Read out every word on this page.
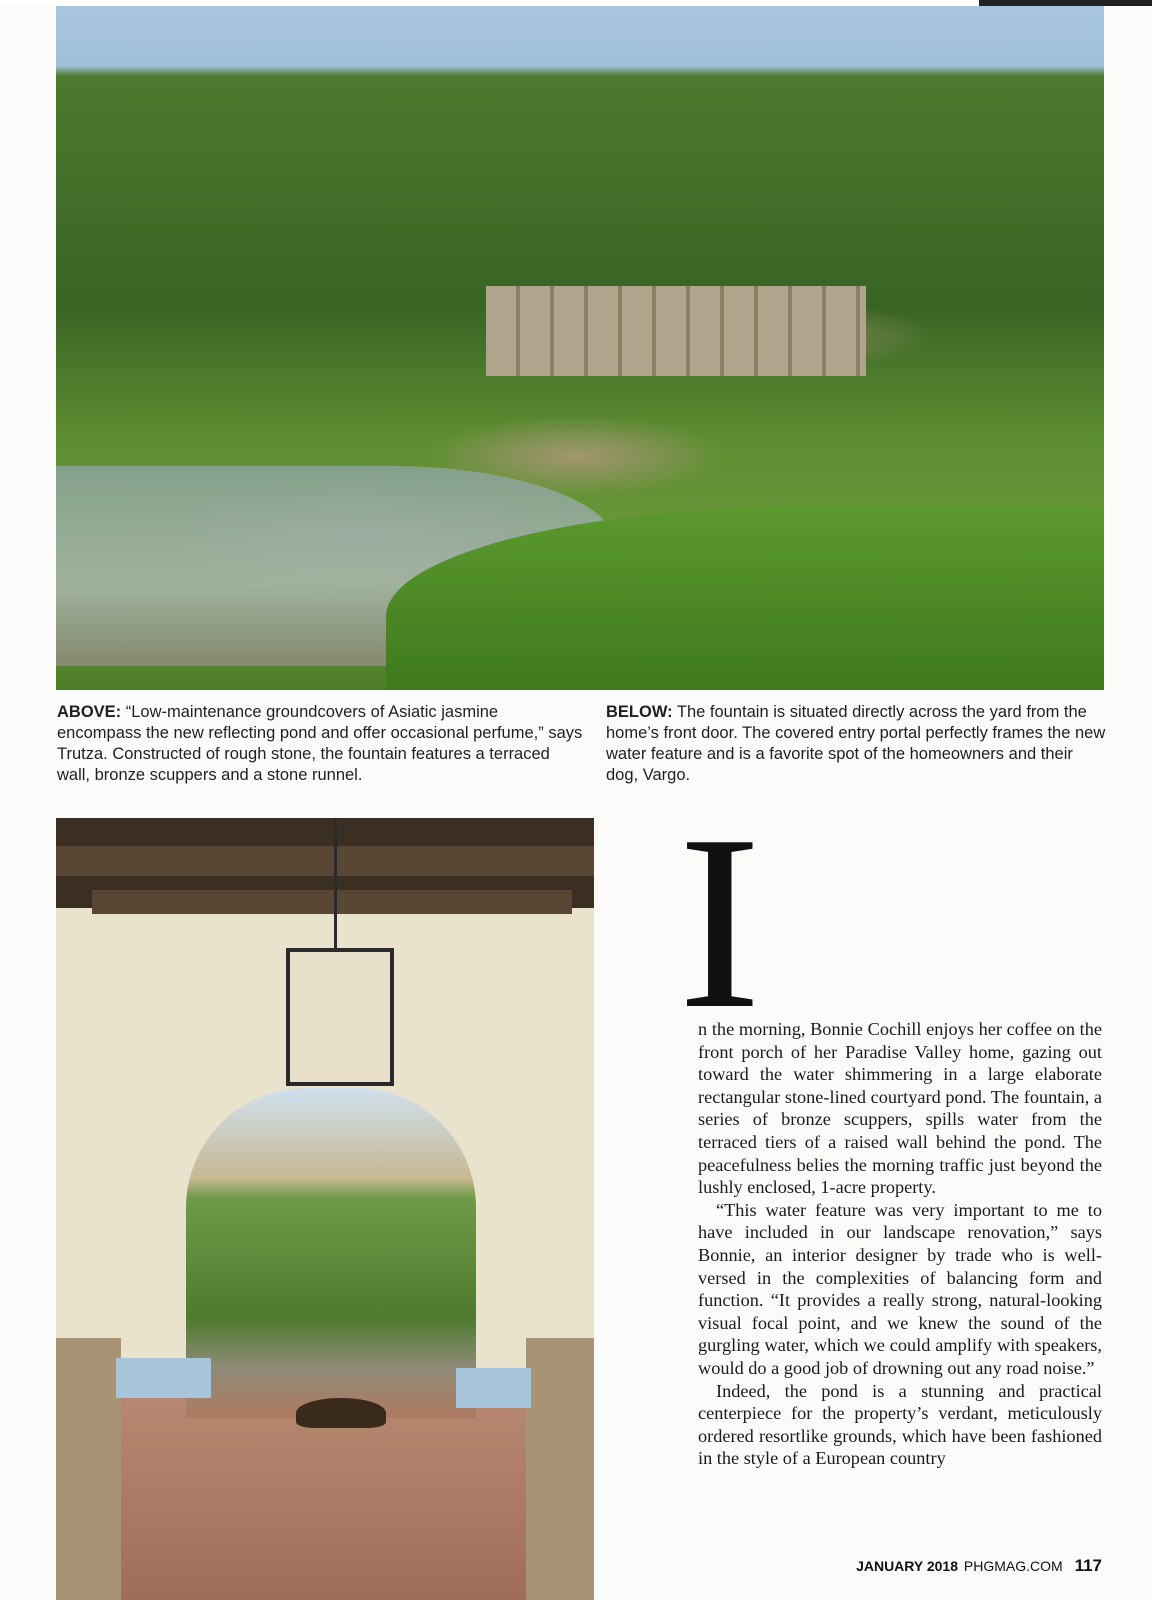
ABOVE: “Low-maintenance groundcovers of Asiatic jasmine encompass the new reflecting pond and offer occasional perfume,” says Trutza. Constructed of rough stone, the fountain features a terraced wall, bronze scuppers and a stone runnel.
BELOW: The fountain is situated directly across the yard from the home’s front door. The covered entry portal perfectly frames the new water feature and is a favorite spot of the homeowners and their dog, Vargo.
I

n the morning, Bonnie Cochill enjoys her coffee on the front porch of her Paradise Valley home, gazing out toward the water shimmering in a large elaborate rectangular stone-lined courtyard pond. The fountain, a series of bronze scuppers, spills water from the terraced tiers of a raised wall behind the pond. The peacefulness belies the morning traffic just beyond the lushly enclosed, 1-acre property.

“This water feature was very important to me to have included in our landscape renovation,” says Bonnie, an interior designer by trade who is well-versed in the complexities of balancing form and function. “It provides a really strong, natural-looking visual focal point, and we knew the sound of the gurgling water, which we could amplify with speakers, would do a good job of drowning out any road noise.”

Indeed, the pond is a stunning and practical centerpiece for the property’s verdant, meticulously ordered resortlike grounds, which have been fashioned in the style of a European country

JANUARY 2018 PHGMAG.COM 117
